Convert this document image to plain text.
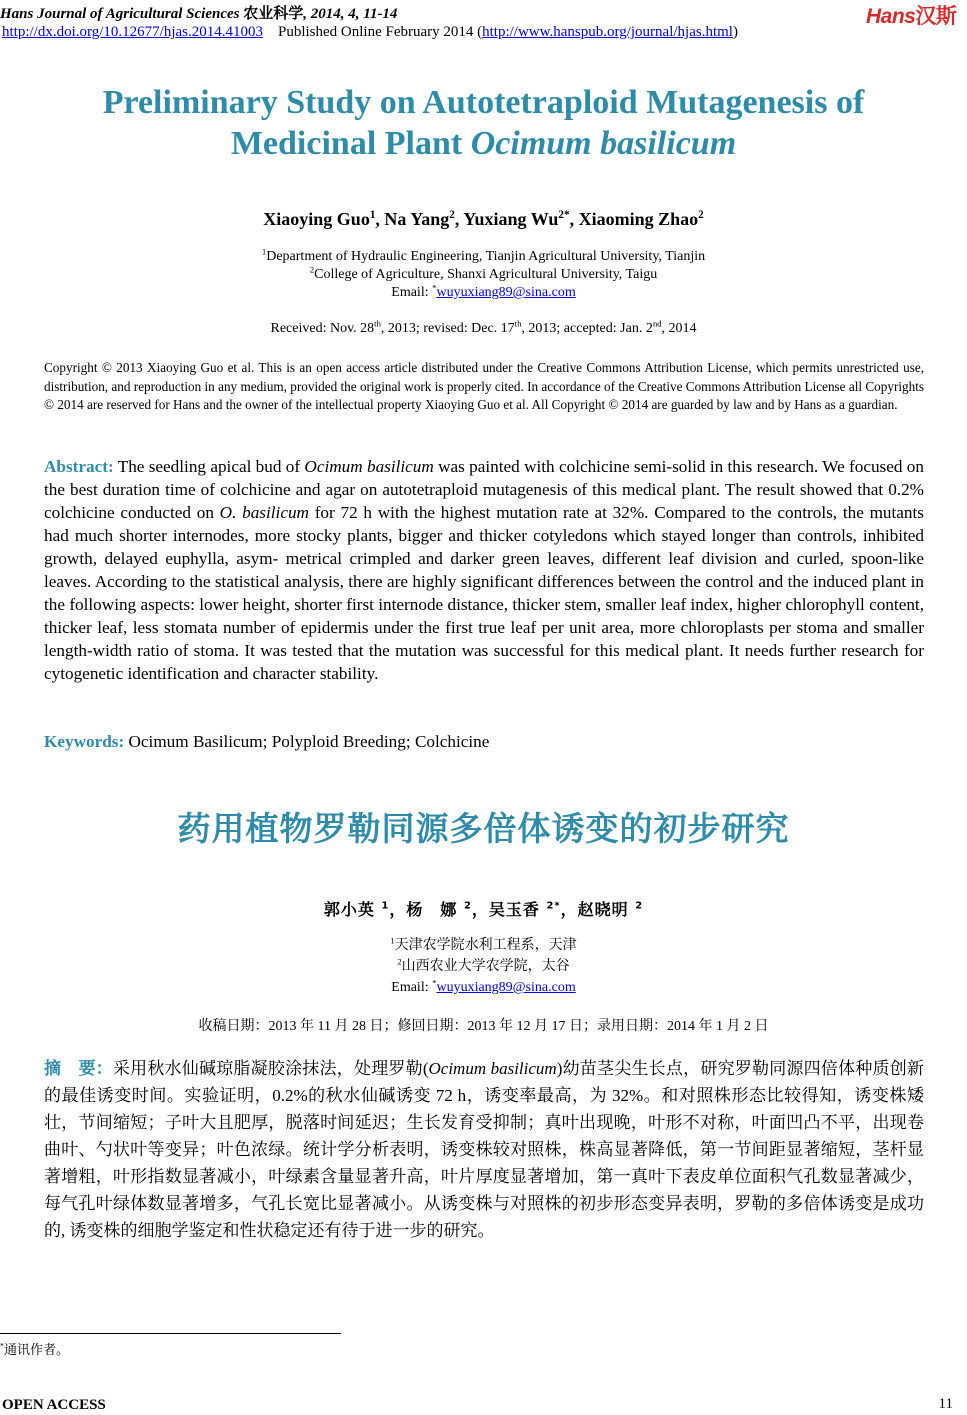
Hans Journal of Agricultural Sciences 农业科学, 2014, 4, 11-14
http://dx.doi.org/10.12677/hjas.2014.41003 Published Online February 2014 (http://www.hanspub.org/journal/hjas.html)
Hans汉斯
Preliminary Study on Autotetraploid Mutagenesis of
Medicinal Plant Ocimum basilicum
Xiaoying Guo$^1$, Na Yang$^2$, Yuxiang $Wu^{2*}$, Xiaoming Zhao$^2$
$^1$Department of Hydraulic Engineering, Tianjin Agricultural University, Tianjin
$^2$College of Agriculture, Shanxi Agricultural University, Taigu
Email: *wuyuxiang89@sina.com
Received: Nov. 28th, 2013; revised: Dec. 17th, 2013; accepted: Jan. 2nd, 2014
Copyright © 2013 Xiaoying Guo et al. This is an open access article distributed under the Creative Commons Attribution License, which permits unrestricted use, distribution, and reproduction in any medium, provided the original work is properly cited. In accordance of the Creative Commons Attribution License all Copyrights © 2014 are reserved for Hans and the owner of the intellectual property Xiaoying Guo et al. All Copyright © 2014 are guarded by law and by Hans as a guardian.
Abstract: The seedling apical bud of Ocimum basilicum was painted with colchicine semi-solid in this research. We focused on the best duration time of colchicine and agar on autotetraploid mutagenesis of this medical plant. The result showed that 0.2% colchicine conducted on O. basilicum for 72 h with the highest mutation rate at 32%. Compared to the controls, the mutants had much shorter internodes, more stocky plants, bigger and thicker cotyledons which stayed longer than controls, inhibited growth, delayed euphylla, asym- metrical crimpled and darker green leaves, different leaf division and curled, spoon-like leaves. According to the statistical analysis, there are highly significant differences between the control and the induced plant in the following aspects: lower height, shorter first internode distance, thicker stem, smaller leaf index, higher chlorophyll content, thicker leaf, less stomata number of epidermis under the first true leaf per unit area, more chloroplasts per stoma and smaller length-width ratio of stoma. It was tested that the mutation was successful for this medical plant. It needs further research for cytogenetic identification and character stability.
Keywords: Ocimum Basilicum; Polyploid Breeding; Colchicine
药用植物罗勒同源多倍体诱变的初步研究
郭小英 $^1$，杨　娜 $^2$，吴玉香 $^{2*}$，赵晓明 $^2$
$^1$天津农学院水利工程系，天津
$^2$山西农业大学农学院，太谷
Email: *wuyuxiang89@sina.com
收稿日期：2013 年 11 月 28 日；修回日期：2013 年 12 月 17 日；录用日期：2014 年 1 月 2 日
摘　要：采用秋水仙碱琼脂凝胶涂抹法，处理罗勒(Ocimum basilicum)幼苗茎尖生长点，研究罗勒同源四倍体种质创新的最佳诱变时间。实验证明，0.2%的秋水仙碱诱变 72 h，诱变率最高，为 32%。和对照株形态比较得知，诱变株矮壮，节间缩短；子叶大且肥厚，脱落时间延迟；生长发育受抑制；真叶出现晚，叶形不对称，叶面凹凸不平，出现卷曲叶、勺状叶等变异；叶色浓绿。统计学分析表明，诱变株较对照株，株高显著降低，第一节间距显著缩短，茎杆显著增粗，叶形指数显著减小，叶绿素含量显著升高，叶片厚度显著增加，第一真叶下表皮单位面积气孔数显著减少，每气孔叶绿体数显著增多，气孔长宽比显著减小。从诱变株与对照株的初步形态变异表明，罗勒的多倍体诱变是成功的, 诱变株的细胞学鉴定和性状稳定还有待于进一步的研究。
*通讯作者。
OPEN ACCESS	11
